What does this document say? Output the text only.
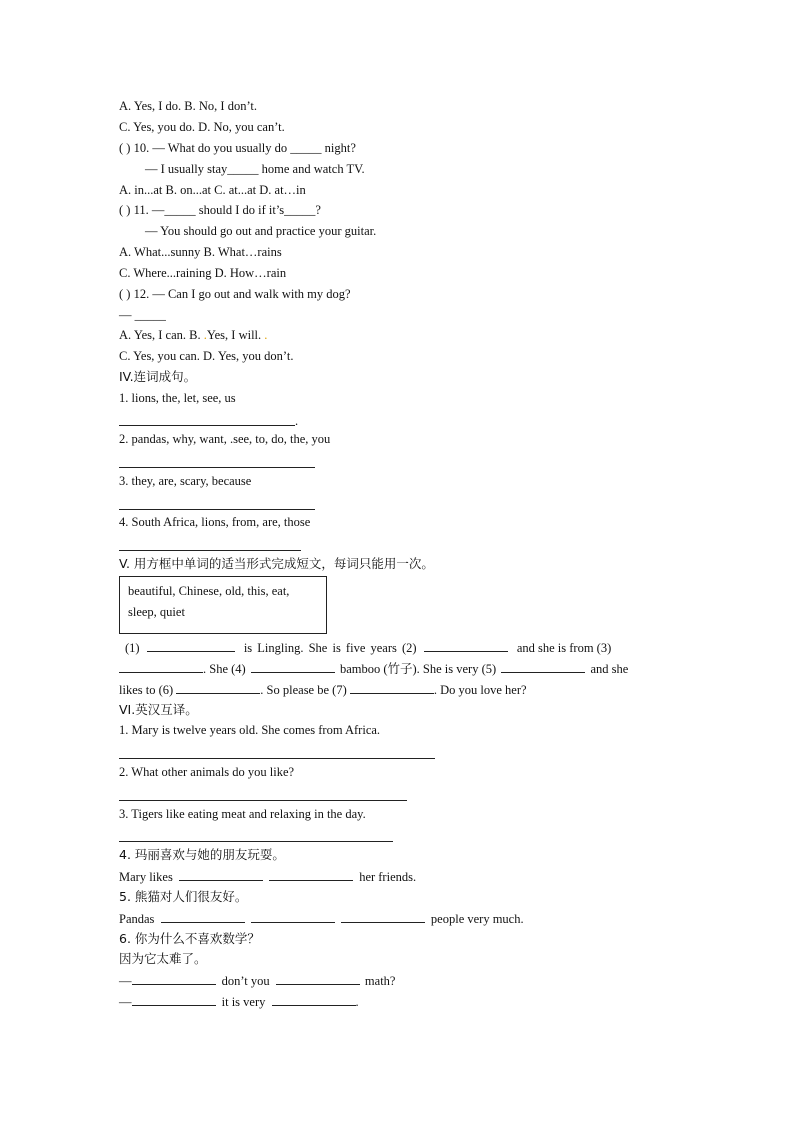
A. Yes, I do. B. No, I don’t.
C. Yes, you do. D. No, you can’t.
( ) 10. — What do you usually do _____ night?
— I usually stay_____ home and watch TV.
A. in...at B. on...at C. at...at D. at…in
( ) 11. —_____ should I do if it’s_____?
— You should go out and practice your guitar.
A. What...sunny B. What…rains
C. Where...raining D. How…rain
( ) 12. — Can I go out and walk with my dog?
— _____
A. Yes, I can. B. .Yes, I will. .
C. Yes, you can. D. Yes, you don’t.
IV.连词成句。
1. lions, the, let, see, us
.
2. pandas, why, want, .see, to, do, the, you
3. they, are, scary, because
4. South Africa, lions, from, are, those
V. 用方框中单词的适当形式完成短文，每词只能用一次。
beautiful, Chinese, old, this, eat,
sleep, quiet
(1)	is Lingling. She is five years (2)	and she is from (3)
. She (4)	bamboo (竹子). She is very (5)	and she
likes to (6)	. So please be (7)	. Do you love her?
VI.英汉互译。
1. Mary is twelve years old. She comes from Africa.
2. What other animals do you like?
3. Tigers like eating meat and relaxing in the day.
4. 玛丽喜欢与她的朋友玩耍。
Mary likes	her friends.
5. 熊猫对人们很友好。
Pandas	people very much.
6. 你为什么不喜欢数学？
因为它太难了。
—	don’t you	math?
—	it is very	.
